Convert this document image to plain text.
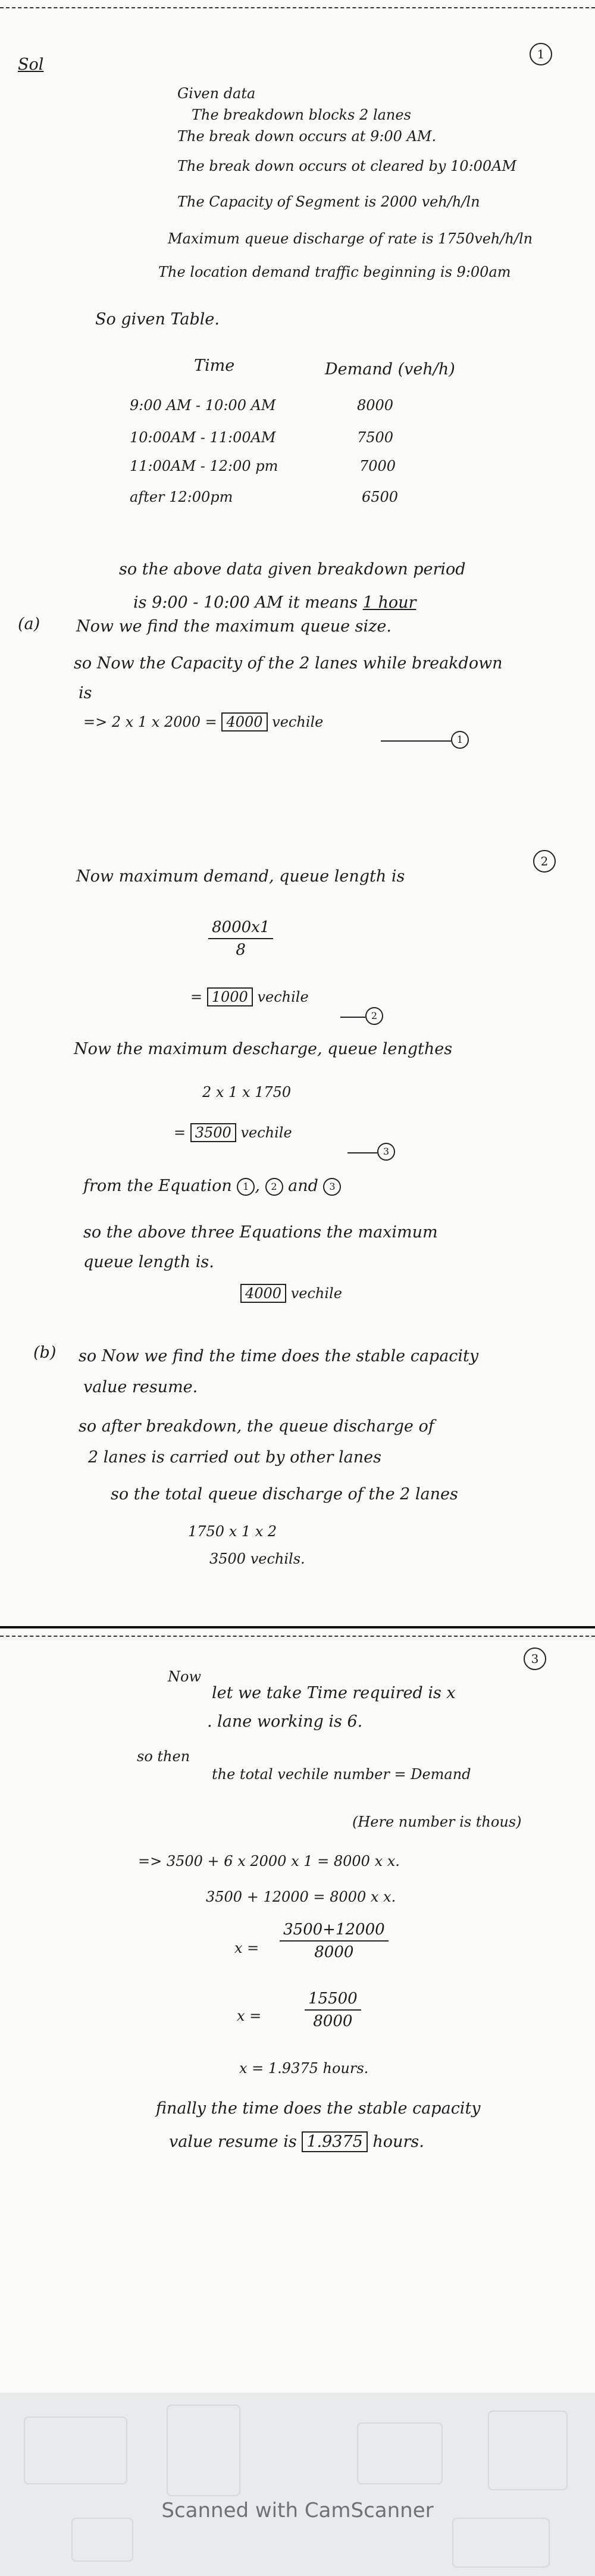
1
Sol
Given data
The breakdown blocks 2 lanes
The break down occurs at 9:00 AM.
The break down occurs ot cleared by 10:00AM
The Capacity of Segment is 2000 veh/h/ln
Maximum queue discharge of rate is 1750veh/h/ln
The location demand traffic beginning is 9:00am
So given Table.
Time	Demand (veh/h)
9:00 AM - 10:00 AM	8000
10:00AM - 11:00AM	7500
11:00AM - 12:00 pm	7000
after 12:00pm	6500
so the above data given breakdown period
is 9:00 - 10:00 AM it means 1 hour
(a) Now we find the maximum queue size.
so Now the Capacity of the 2 lanes while breakdown
is
=> 2 x 1 x 2000 = 4000 vechile
1
2
Now maximum demand, queue length is
$\frac{8000x1}{8}$
= 1000 vechile
2
Now the maximum descharge, queue lengthes
2 x 1 x 1750
= 3500 vechile
3
from the Equation 1 , 2 and 3
so the above three Equations the maximum
queue length is.
4000 vechile
(b) so Now we find the time does the stable capacity
value resume.
so after breakdown, the queue discharge of
2 lanes is carried out by other lanes
so the total queue discharge of the 2 lanes
1750 x 1 x 2
3500 vechils.
3
Now
let we take Time required is x
. lane working is 6.
so then
the total vechile number = Demand
(Here number is thous)
=> 3500 + 6 x 2000 x 1 = 8000 x x.
3500 + 12000 = 8000 x x.
$x = \frac{3500+12000}{8000}$
x =	$\frac{15500}{8000}$
x = 1.9375 hours.
finally the time does the stable capacity
value resume is 1.9375 hours.
Scanned with CamScanner
